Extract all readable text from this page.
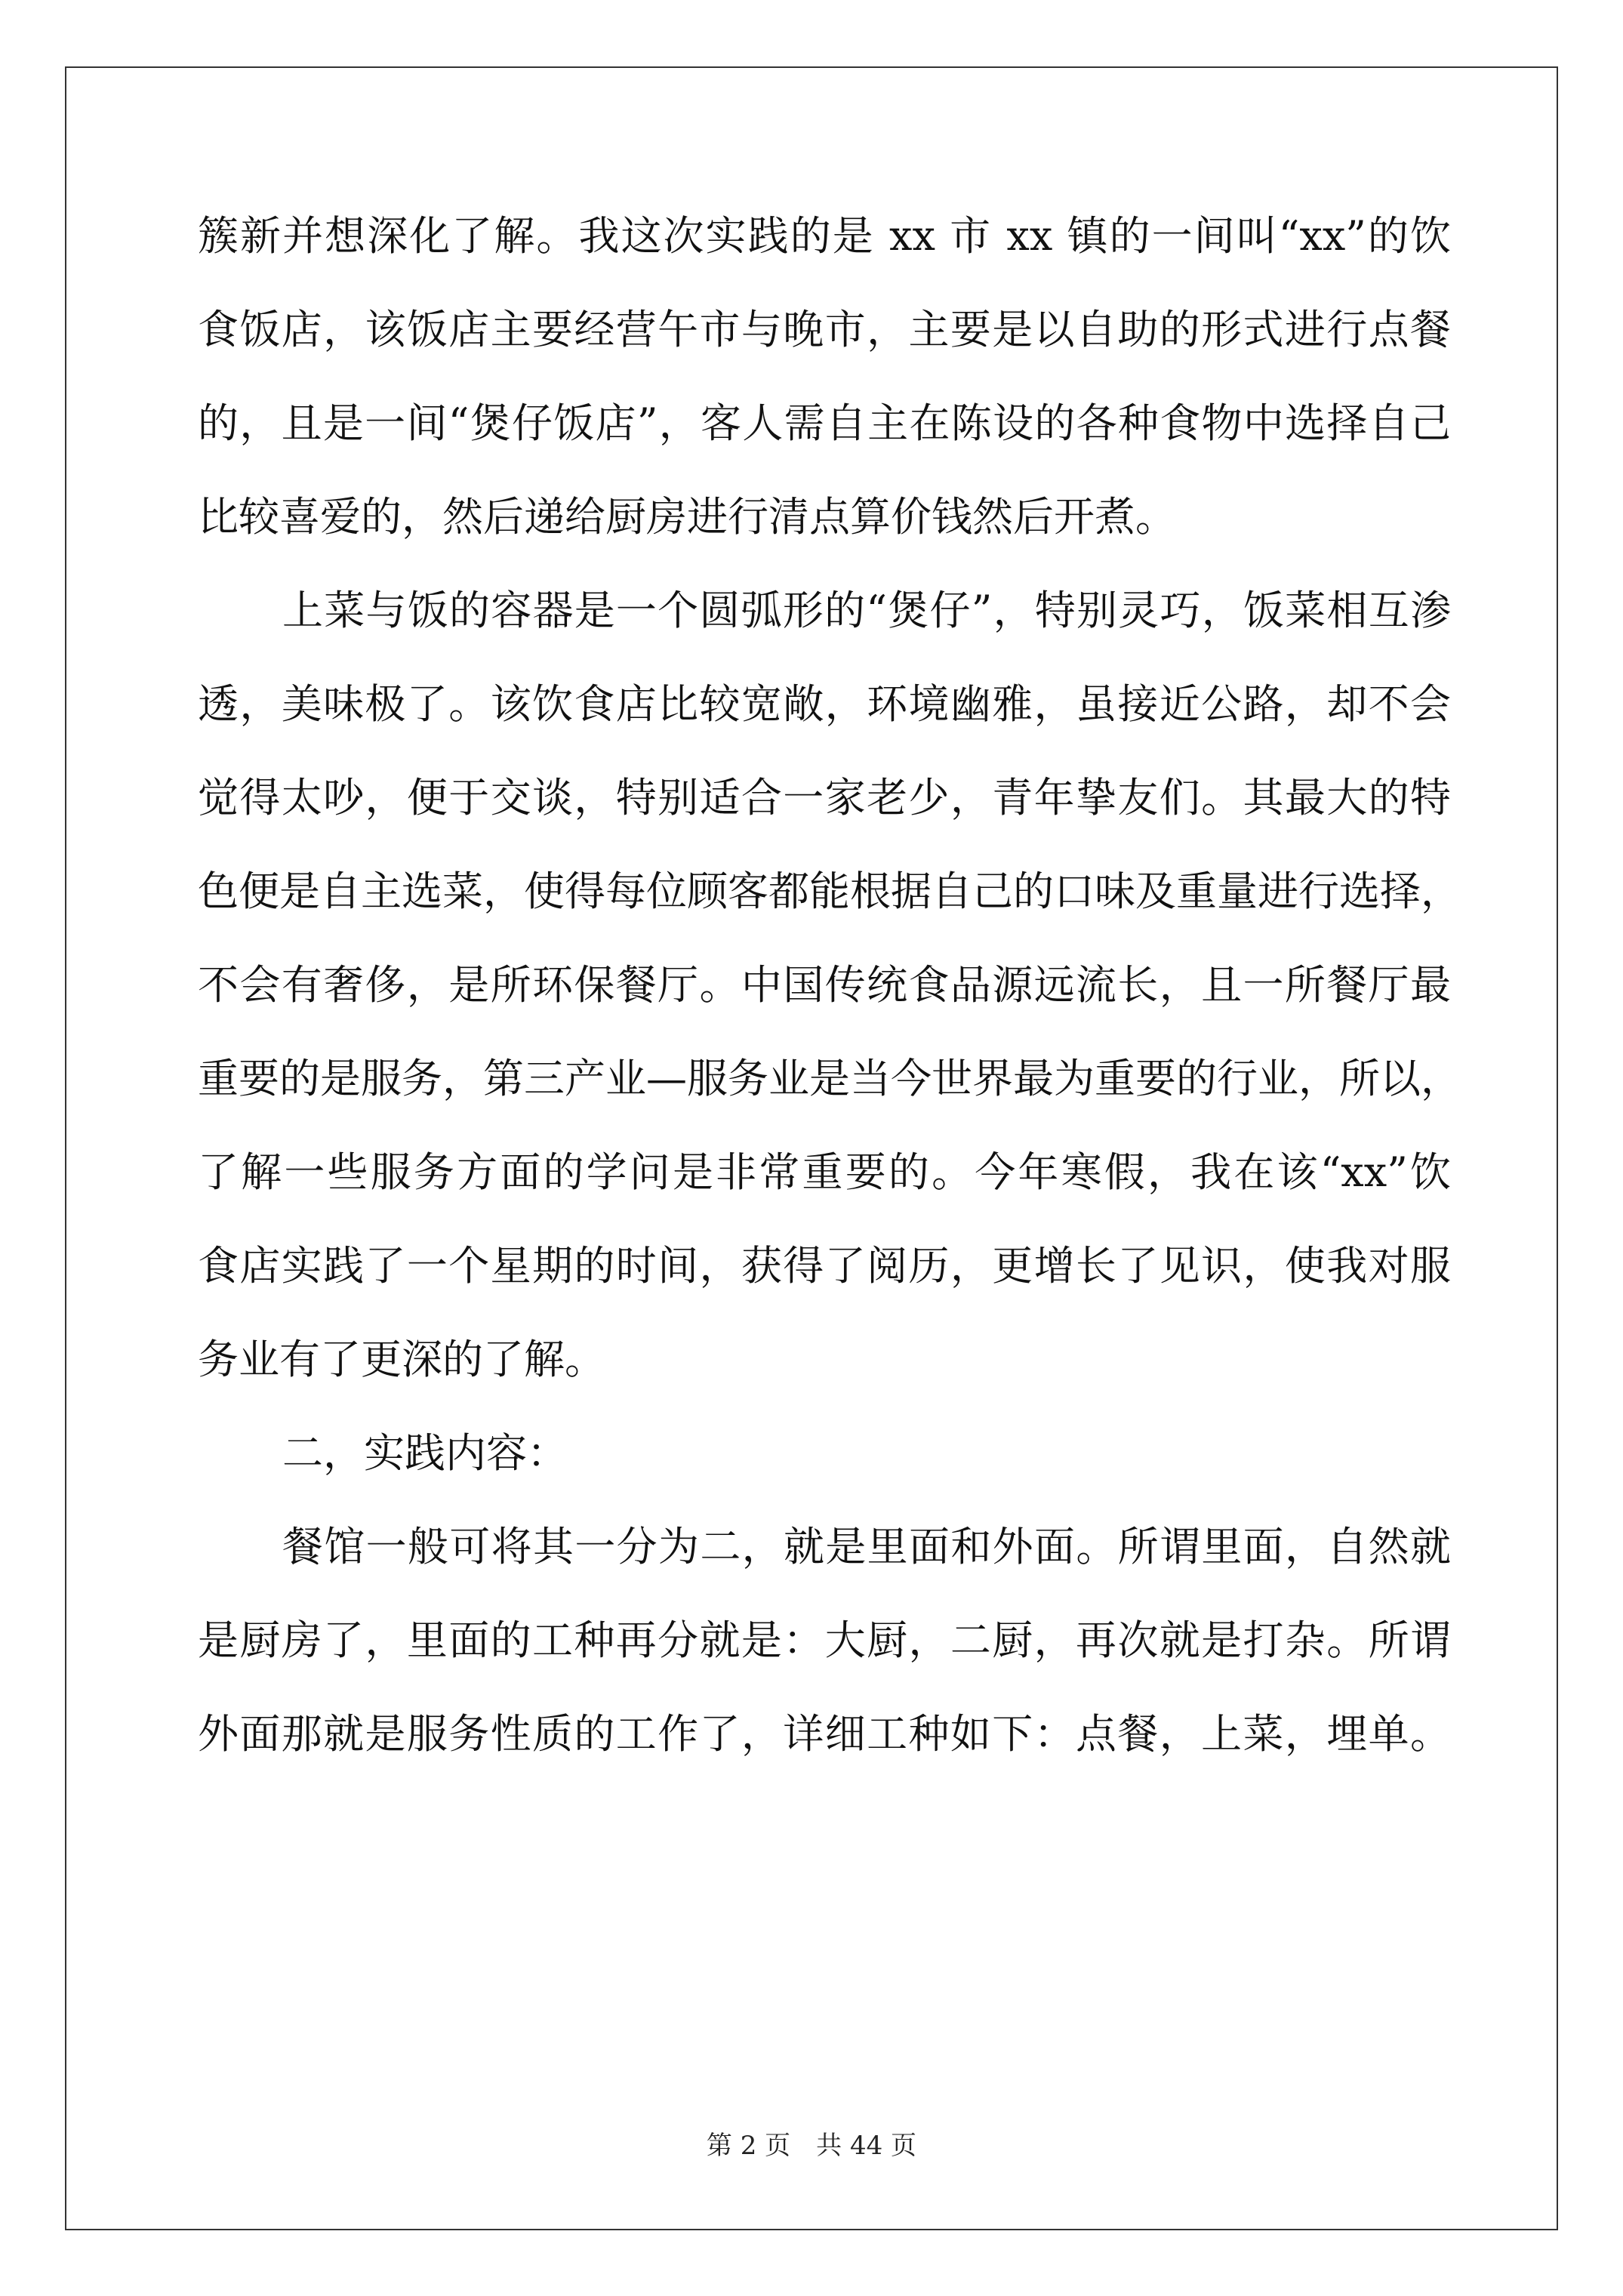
簇新并想深化了解。我这次实践的是 xx 市 xx 镇的一间叫“xx”的饮
食饭店，该饭店主要经营午市与晚市，主要是以自助的形式进行点餐
的，且是一间“煲仔饭店”，客人需自主在陈设的各种食物中选择自己
比较喜爱的，然后递给厨房进行清点算价钱然后开煮。
上菜与饭的容器是一个圆弧形的“煲仔”，特别灵巧，饭菜相互渗
透，美味极了。该饮食店比较宽敞，环境幽雅，虽接近公路，却不会
觉得太吵，便于交谈，特别适合一家老少，青年挚友们。其最大的特
色便是自主选菜，使得每位顾客都能根据自己的口味及重量进行选择，
不会有奢侈，是所环保餐厅。中国传统食品源远流长，且一所餐厅最
重要的是服务，第三产业—服务业是当今世界最为重要的行业，所以，
了解一些服务方面的学问是非常重要的。今年寒假，我在该“xx”饮
食店实践了一个星期的时间，获得了阅历，更增长了见识，使我对服
务业有了更深的了解。
二，实践内容：
餐馆一般可将其一分为二，就是里面和外面。所谓里面，自然就
是厨房了，里面的工种再分就是：大厨，二厨，再次就是打杂。所谓
外面那就是服务性质的工作了，详细工种如下：点餐，上菜，埋单。
第 2 页 共 44 页
